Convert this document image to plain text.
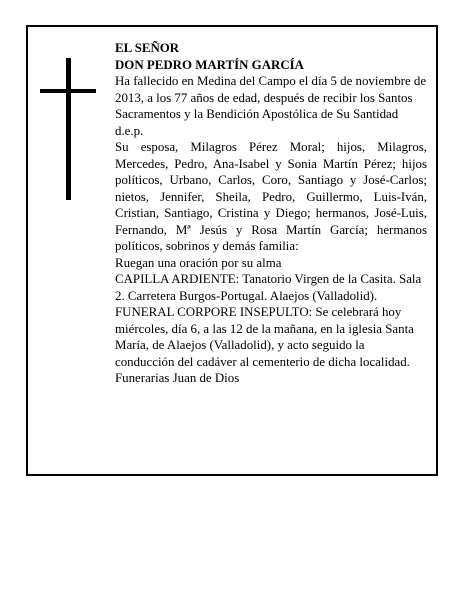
EL SEÑOR

DON PEDRO MARTÍN GARCÍA

Ha fallecido en Medina del Campo el día 5 de noviembre de 2013, a los 77 años de edad, después de recibir los Santos Sacramentos y la Bendición Apostólica de Su Santidad

d.e.p.

Su esposa, Milagros Pérez Moral; hijos, Milagros, Mercedes, Pedro, Ana-Isabel y Sonia Martín Pérez; hijos políticos, Urbano, Carlos, Coro, Santiago y José-Carlos; nietos, Jennifer, Sheila, Pedro, Guillermo, Luis-Iván, Cristian, Santiago, Cristina y Diego; hermanos, José-Luis, Fernando, Mª Jesús y Rosa Martín García; hermanos políticos, sobrinos y demás familia:

Ruegan una oración por su alma

CAPILLA ARDIENTE: Tanatorio Virgen de la Casita. Sala 2. Carretera Burgos-Portugal. Alaejos (Valladolid).

FUNERAL CORPORE INSEPULTO: Se celebrará hoy miércoles, día 6, a las 12 de la mañana, en la iglesia Santa María, de Alaejos (Valladolid), y acto seguido la conducción del cadáver al cementerio de dicha localidad.

Funerarias Juan de Dios
